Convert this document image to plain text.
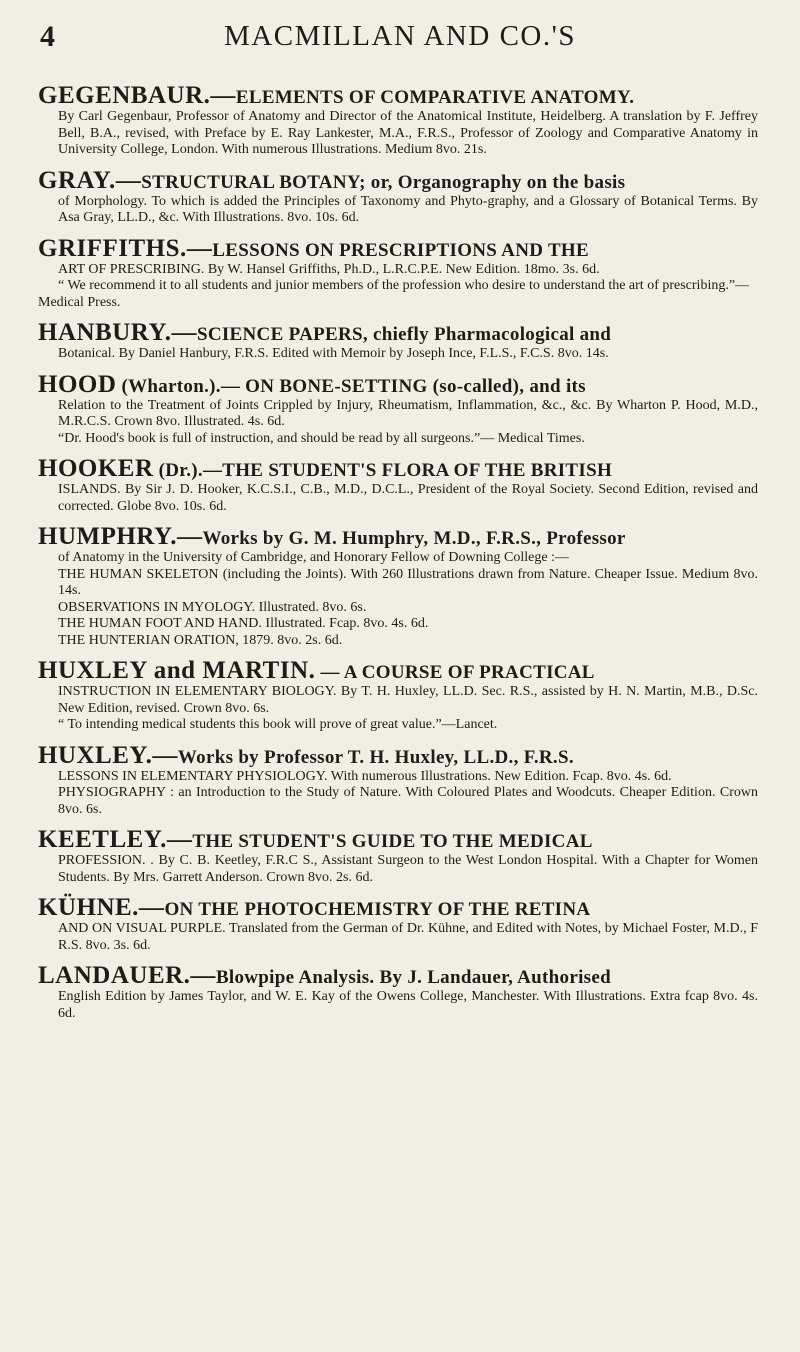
4	MACMILLAN AND CO.'S
GEGENBAUR.—ELEMENTS OF COMPARATIVE ANATOMY.
By Carl Gegenbaur, Professor of Anatomy and Director of the Anatomical Institute, Heidelberg. A translation by F. Jeffrey Bell, B.A., revised, with Preface by E. Ray Lankester, M.A., F.R.S., Professor of Zoology and Comparative Anatomy in University College, London. With numerous Illustrations. Medium 8vo. 21s.
GRAY.—STRUCTURAL BOTANY; or, Organography on the basis
of Morphology. To which is added the Principles of Taxonomy and Phyto-graphy, and a Glossary of Botanical Terms. By Asa Gray, LL.D., &c. With Illustrations. 8vo. 10s. 6d.
GRIFFITHS.—LESSONS ON PRESCRIPTIONS AND THE
ART OF PRESCRIBING. By W. Hansel Griffiths, Ph.D., L.R.C.P.E. New Edition. 18mo. 3s. 6d.
“ We recommend it to all students and junior members of the profession who desire to understand the art of prescribing.”—Medical Press.
HANBURY.—SCIENCE PAPERS, chiefly Pharmacological and
Botanical. By Daniel Hanbury, F.R.S. Edited with Memoir by Joseph Ince, F.L.S., F.C.S. 8vo. 14s.
HOOD (Wharton.).— ON BONE-SETTING (so-called), and its
Relation to the Treatment of Joints Crippled by Injury, Rheumatism, Inflammation, &c., &c. By Wharton P. Hood, M.D., M.R.C.S. Crown 8vo. Illustrated. 4s. 6d.
“Dr. Hood's book is full of instruction, and should be read by all surgeons.”— Medical Times.
HOOKER (Dr.).—THE STUDENT'S FLORA OF THE BRITISH
ISLANDS. By Sir J. D. Hooker, K.C.S.I., C.B., M.D., D.C.L., President of the Royal Society. Second Edition, revised and corrected. Globe 8vo. 10s. 6d.
HUMPHRY.—Works by G. M. Humphry, M.D., F.R.S., Professor
of Anatomy in the University of Cambridge, and Honorary Fellow of Downing College :—
THE HUMAN SKELETON (including the Joints). With 260 Illustrations drawn from Nature. Cheaper Issue. Medium 8vo. 14s.
OBSERVATIONS IN MYOLOGY. Illustrated. 8vo. 6s.
THE HUMAN FOOT AND HAND. Illustrated. Fcap. 8vo. 4s. 6d.
THE HUNTERIAN ORATION, 1879. 8vo. 2s. 6d.
HUXLEY and MARTIN. — A COURSE OF PRACTICAL
INSTRUCTION IN ELEMENTARY BIOLOGY. By T. H. Huxley, LL.D. Sec. R.S., assisted by H. N. Martin, M.B., D.Sc. New Edition, revised. Crown 8vo. 6s.
“ To intending medical students this book will prove of great value.”—Lancet.
HUXLEY.—Works by Professor T. H. Huxley, LL.D., F.R.S.
LESSONS IN ELEMENTARY PHYSIOLOGY. With numerous Illustrations. New Edition. Fcap. 8vo. 4s. 6d.
PHYSIOGRAPHY : an Introduction to the Study of Nature. With Coloured Plates and Woodcuts. Cheaper Edition. Crown 8vo. 6s.
KEETLEY.—THE STUDENT'S GUIDE TO THE MEDICAL
PROFESSION. . By C. B. Keetley, F.R.C S., Assistant Surgeon to the West London Hospital. With a Chapter for Women Students. By Mrs. Garrett Anderson. Crown 8vo. 2s. 6d.
KÜHNE.—ON THE PHOTOCHEMISTRY OF THE RETINA
AND ON VISUAL PURPLE. Translated from the German of Dr. Kühne, and Edited with Notes, by Michael Foster, M.D., F R.S. 8vo. 3s. 6d.
LANDAUER.—Blowpipe Analysis. By J. Landauer, Authorised
English Edition by James Taylor, and W. E. Kay of the Owens College, Manchester. With Illustrations. Extra fcap 8vo. 4s. 6d.
